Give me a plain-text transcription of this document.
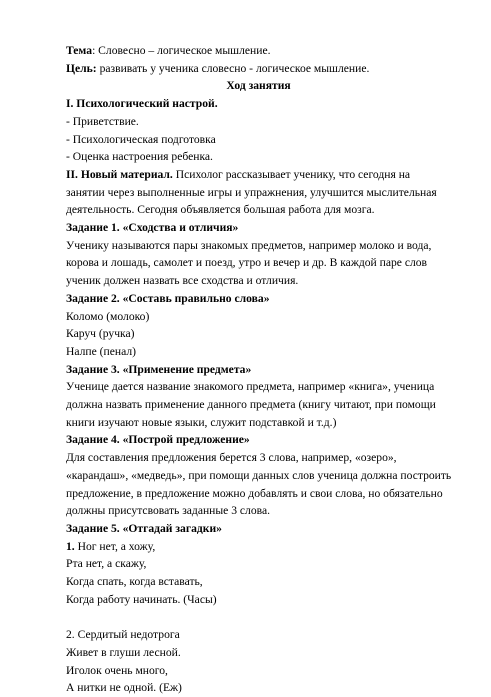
Тема: Словесно – логическое мышление.
Цель: развивать у ученика словесно - логическое мышление.
Ход занятия
I. Психологический настрой.
- Приветствие.
- Психологическая подготовка
- Оценка настроения ребенка.
II. Новый материал. Психолог рассказывает ученику, что сегодня на
занятии через выполненные игры и упражнения, улучшится мыслительная
деятельность. Сегодня объявляется большая работа для мозга.
Задание 1. «Сходства и отличия»
Ученику называются пары знакомых предметов, например молоко и вода,
корова и лошадь, самолет и поезд, утро и вечер и др. В каждой паре слов
ученик должен назвать все сходства и отличия.
Задание 2. «Составь правильно слова»
Коломо (молоко)
Каруч (ручка)
Налпе (пенал)
Задание 3. «Применение предмета»
Ученице дается название знакомого предмета, например «книга», ученица
должна назвать применение данного предмета (книгу читают, при помощи
книги изучают новые языки, служит подставкой и т.д.)
Задание 4. «Построй предложение»
Для составления предложения берется 3 слова, например, «озеро»,
«карандаш», «медведь», при помощи данных слов ученица должна построить
предложение, в предложение можно добавлять и свои слова, но обязательно
должны присутсвовать заданные 3 слова.
Задание 5. «Отгадай загадки»
1. Ног нет, а хожу,
Рта нет, а скажу,
Когда спать, когда вставать,
Когда работу начинать. (Часы)
2. Сердитый недотрога
Живет в глуши лесной.
Иголок очень много,
А нитки не одной. (Еж)
